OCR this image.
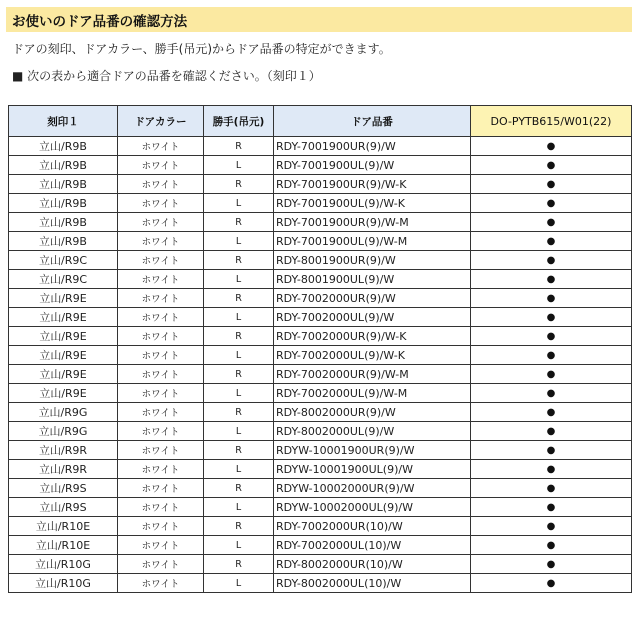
お使いのドア品番の確認方法
ドアの刻印、ドアカラー、勝手(吊元)からドア品番の特定ができます。
■ 次の表から適合ドアの品番を確認ください。（刻印１）
刻印１	ドアカラー	勝手(吊元)	ドア品番	DO-PYTB615/W01(22)
立山/R9B	ホワイト	R	RDY-7001900UR(9)/W	●
立山/R9B	ホワイト	L	RDY-7001900UL(9)/W	●
立山/R9B	ホワイト	R	RDY-7001900UR(9)/W-K	●
立山/R9B	ホワイト	L	RDY-7001900UL(9)/W-K	●
立山/R9B	ホワイト	R	RDY-7001900UR(9)/W-M	●
立山/R9B	ホワイト	L	RDY-7001900UL(9)/W-M	●
立山/R9C	ホワイト	R	RDY-8001900UR(9)/W	●
立山/R9C	ホワイト	L	RDY-8001900UL(9)/W	●
立山/R9E	ホワイト	R	RDY-7002000UR(9)/W	●
立山/R9E	ホワイト	L	RDY-7002000UL(9)/W	●
立山/R9E	ホワイト	R	RDY-7002000UR(9)/W-K	●
立山/R9E	ホワイト	L	RDY-7002000UL(9)/W-K	●
立山/R9E	ホワイト	R	RDY-7002000UR(9)/W-M	●
立山/R9E	ホワイト	L	RDY-7002000UL(9)/W-M	●
立山/R9G	ホワイト	R	RDY-8002000UR(9)/W	●
立山/R9G	ホワイト	L	RDY-8002000UL(9)/W	●
立山/R9R	ホワイト	R	RDYW-10001900UR(9)/W	●
立山/R9R	ホワイト	L	RDYW-10001900UL(9)/W	●
立山/R9S	ホワイト	R	RDYW-10002000UR(9)/W	●
立山/R9S	ホワイト	L	RDYW-10002000UL(9)/W	●
立山/R10E	ホワイト	R	RDY-7002000UR(10)/W	●
立山/R10E	ホワイト	L	RDY-7002000UL(10)/W	●
立山/R10G	ホワイト	R	RDY-8002000UR(10)/W	●
立山/R10G	ホワイト	L	RDY-8002000UL(10)/W	●
